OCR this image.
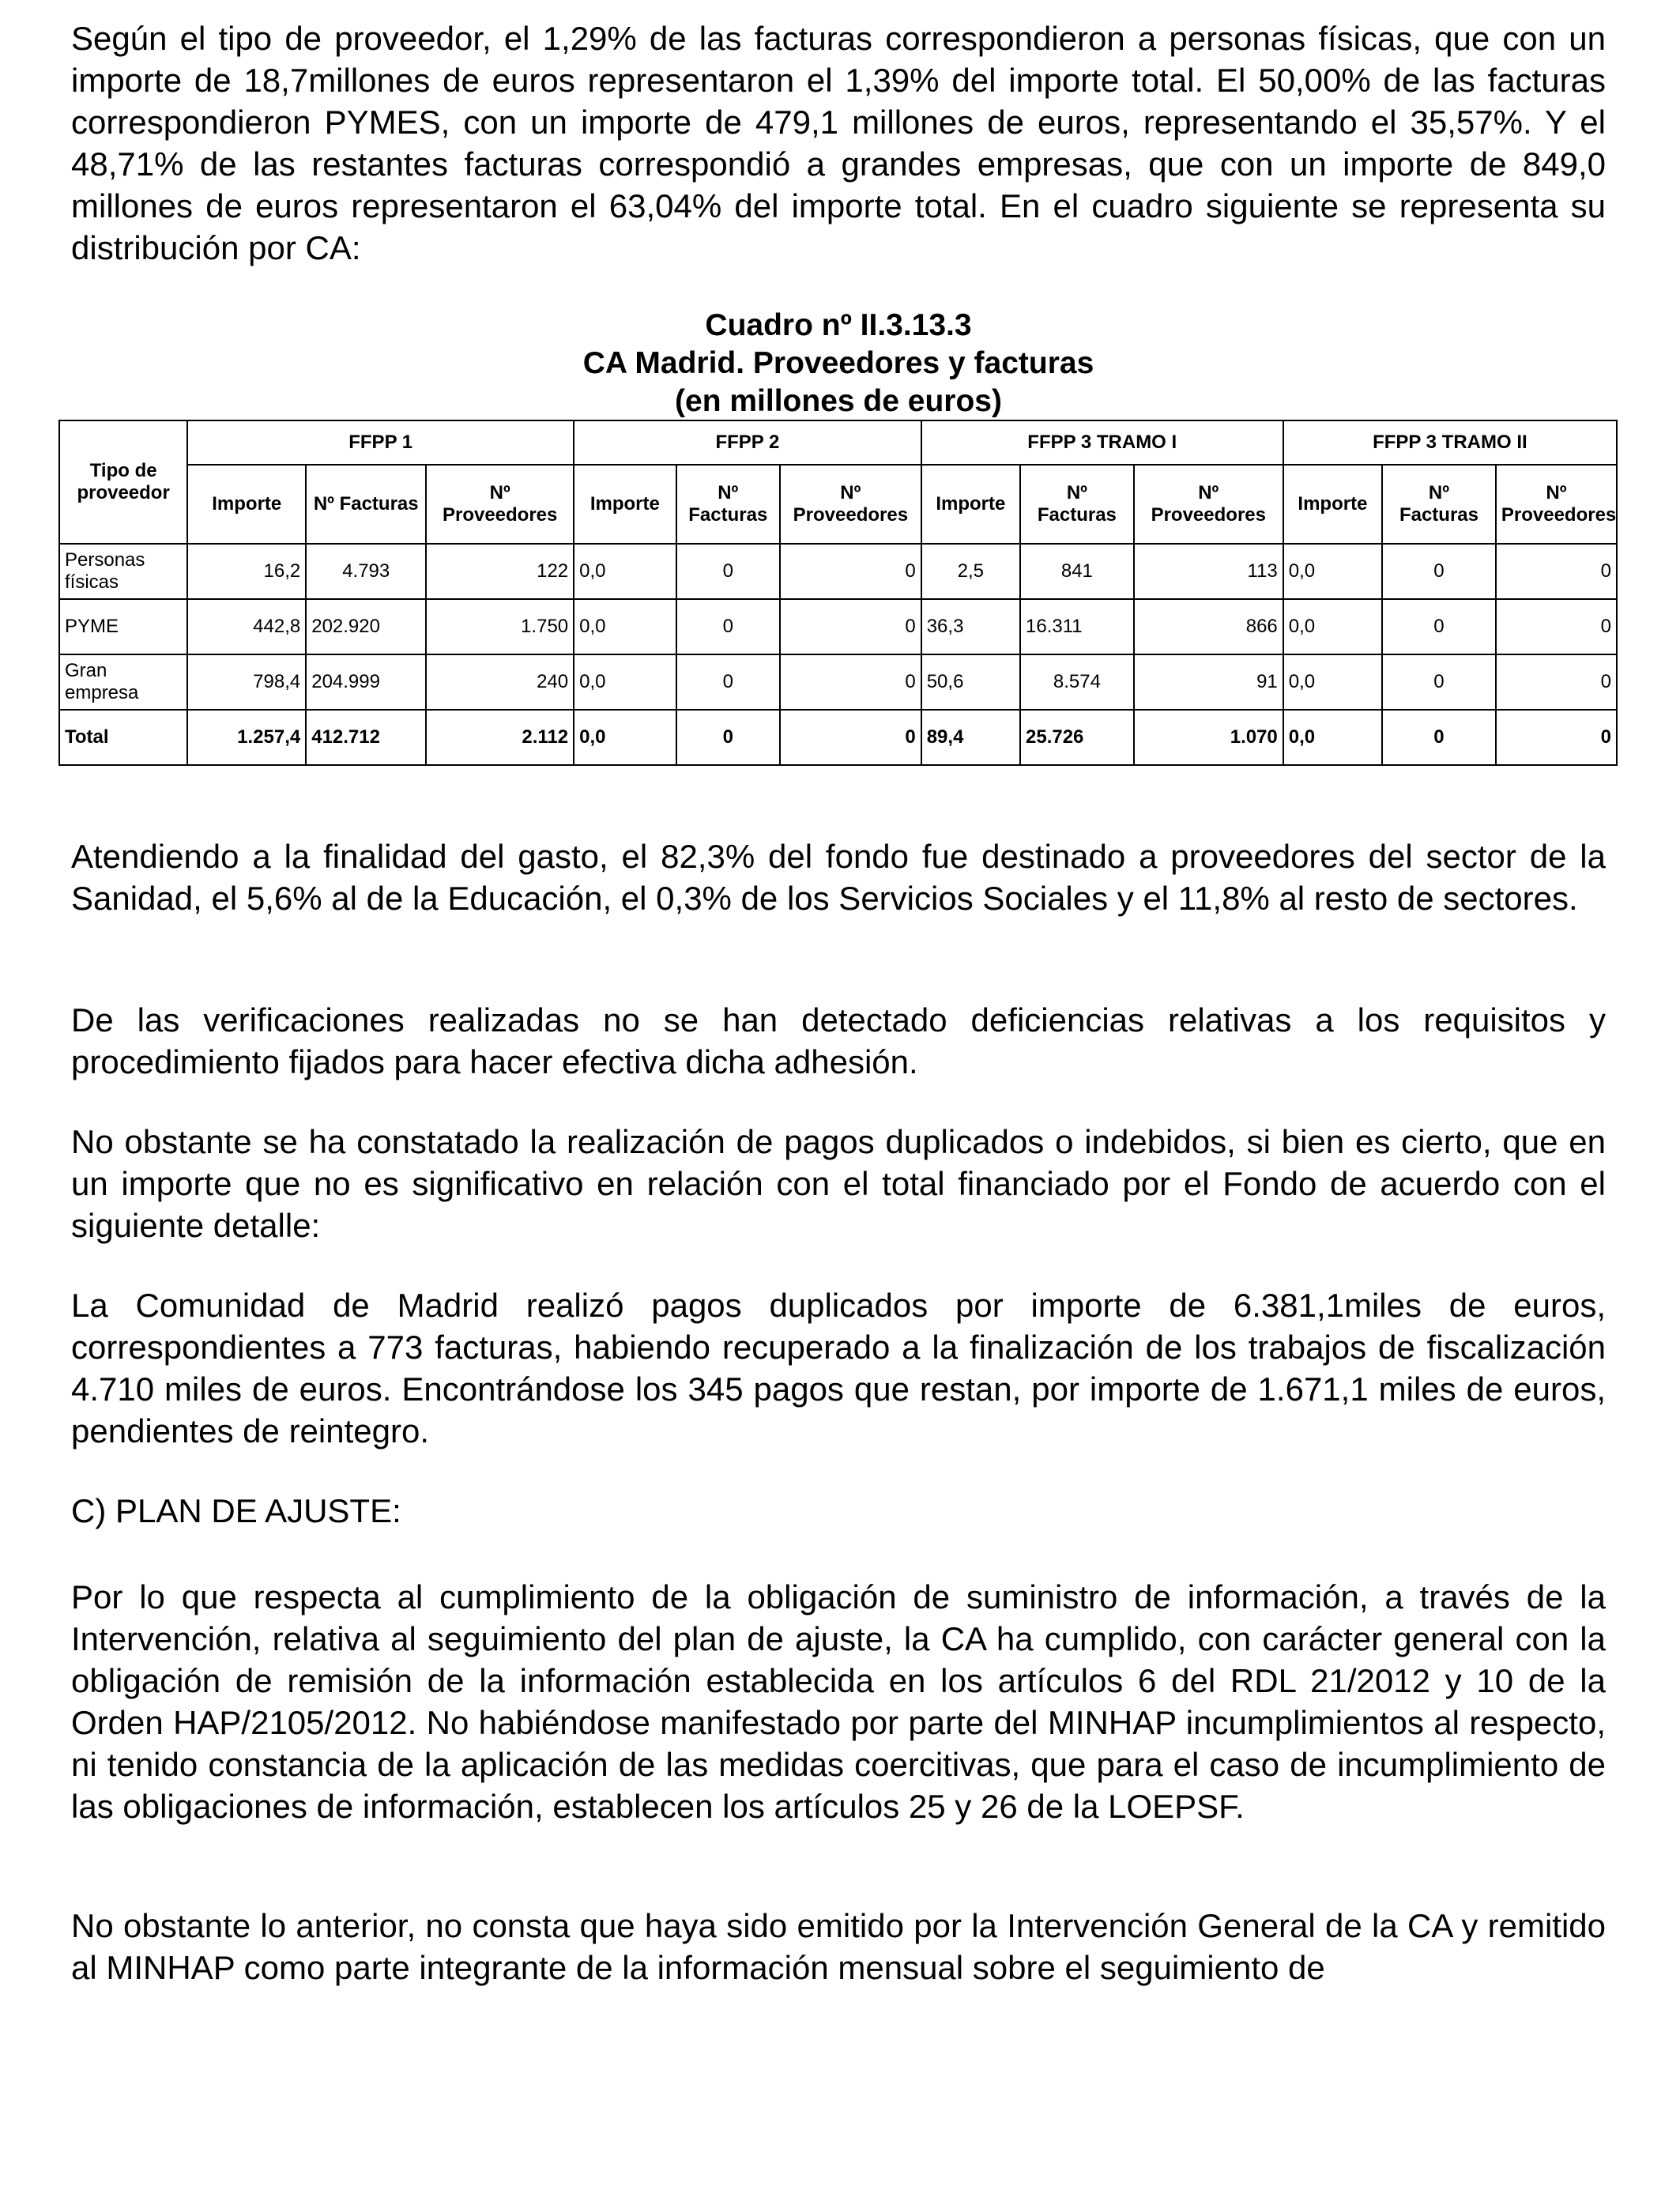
Según el tipo de proveedor, el 1,29% de las facturas correspondieron a personas físicas, que con un importe de 18,7millones de euros representaron el 1,39% del importe total. El 50,00% de las facturas correspondieron PYMES, con un importe de 479,1 millones de euros, representando el 35,57%. Y el 48,71% de las restantes facturas correspondió a grandes empresas, que con un importe de 849,0 millones de euros representaron el 63,04% del importe total. En el cuadro siguiente se representa su distribución por CA:

Cuadro nº II.3.13.3

CA Madrid. Proveedores y facturas

(en millones de euros)

Tipo de proveedor	FFPP 1			FFPP 2			FFPP 3 TRAMO I			FFPP 3 TRAMO II		
	Importe	Nº Facturas	Nº Proveedores	Importe	Nº Facturas	Nº Proveedores	Importe	Nº Facturas	Nº Proveedores	Importe	Nº Facturas	Nº Proveedores
Personas físicas	16,2	4.793	122	0,0	0	0	2,5	841	113	0,0	0	0
PYME	442,8	202.920	1.750	0,0	0	0	36,3	16.311	866	0,0	0	0
Gran empresa	798,4	204.999	240	0,0	0	0	50,6	8.574	91	0,0	0	0
Total	1.257,4	412.712	2.112	0,0	0	0	89,4	25.726	1.070	0,0	0	0

Atendiendo a la finalidad del gasto, el 82,3% del fondo fue destinado a proveedores del sector de la Sanidad, el 5,6% al de la Educación, el 0,3% de los Servicios Sociales y el 11,8% al resto de sectores.

De las verificaciones realizadas no se han detectado deficiencias relativas a los requisitos y procedimiento fijados para hacer efectiva dicha adhesión.

No obstante se ha constatado la realización de pagos duplicados o indebidos, si bien es cierto, que en un importe que no es significativo en relación con el total financiado por el Fondo de acuerdo con el siguiente detalle:

La Comunidad de Madrid realizó pagos duplicados por importe de 6.381,1miles de euros, correspondientes a 773 facturas, habiendo recuperado a la finalización de los trabajos de fiscalización 4.710 miles de euros. Encontrándose los 345 pagos que restan, por importe de 1.671,1 miles de euros, pendientes de reintegro.

C) PLAN DE AJUSTE:

Por lo que respecta al cumplimiento de la obligación de suministro de información, a través de la Intervención, relativa al seguimiento del plan de ajuste, la CA ha cumplido, con carácter general con la obligación de remisión de la información establecida en los artículos 6 del RDL 21/2012 y 10 de la Orden HAP/2105/2012. No habiéndose manifestado por parte del MINHAP incumplimientos al respecto, ni tenido constancia de la aplicación de las medidas coercitivas, que para el caso de incumplimiento de las obligaciones de información, establecen los artículos 25 y 26 de la LOEPSF.

No obstante lo anterior, no consta que haya sido emitido por la Intervención General de la CA y remitido al MINHAP como parte integrante de la información mensual sobre el seguimiento de
